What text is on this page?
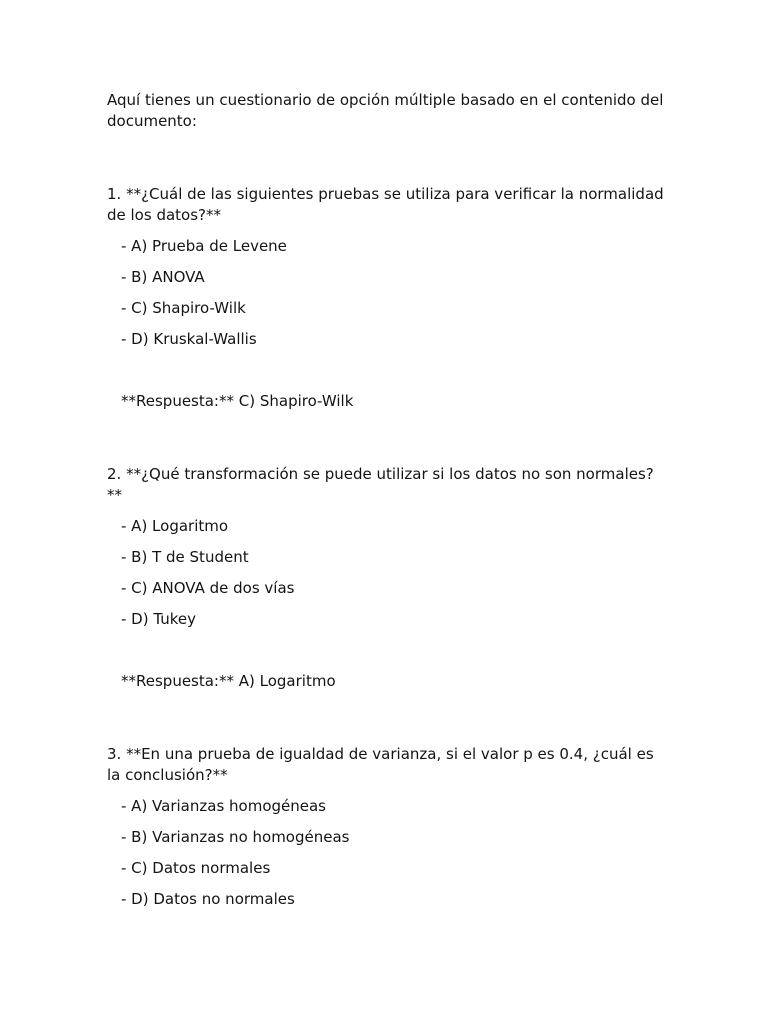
Aquí tienes un cuestionario de opción múltiple basado en el contenido del documento:

1. **¿Cuál de las siguientes pruebas se utiliza para verificar la normalidad de los datos?**

- A) Prueba de Levene

- B) ANOVA

- C) Shapiro-Wilk

- D) Kruskal-Wallis

**Respuesta:** C) Shapiro-Wilk

2. **¿Qué transformación se puede utilizar si los datos no son normales?**

- A) Logaritmo

- B) T de Student

- C) ANOVA de dos vías

- D) Tukey

**Respuesta:** A) Logaritmo

3. **En una prueba de igualdad de varianza, si el valor p es 0.4, ¿cuál es la conclusión?**

- A) Varianzas homogéneas

- B) Varianzas no homogéneas

- C) Datos normales

- D) Datos no normales
